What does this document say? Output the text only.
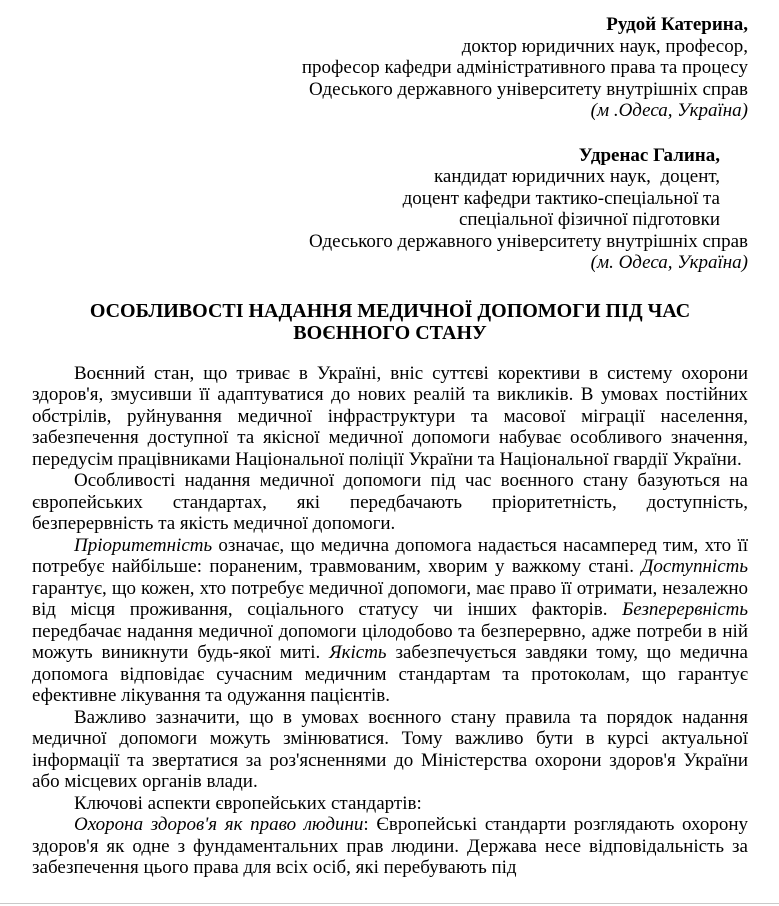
Рудой Катерина,
доктор юридичних наук, професор,
професор кафедри адміністративного права та процесу
Одеського державного університету внутрішніх справ
(м .Одеса, Україна)
Удренас Галина,
кандидат юридичних наук,  доцент,
доцент кафедри тактико-спеціальної та
спеціальної фізичної підготовки
Одеського державного університету внутрішніх справ
(м. Одеса, Україна)
ОСОБЛИВОСТІ НАДАННЯ МЕДИЧНОЇ ДОПОМОГИ ПІД ЧАС
ВОЄННОГО СТАНУ

Воєнний стан, що триває в Україні, вніс суттєві корективи в систему охорони здоров'я, змусивши її адаптуватися до нових реалій та викликів. В умовах постійних обстрілів, руйнування медичної інфраструктури та масової міграції населення, забезпечення доступної та якісної медичної допомоги набуває особливого значення, передусім працівниками Національної поліції України та Національної гвардії України.

Особливості надання медичної допомоги під час воєнного стану базуються на європейських стандартах, які передбачають пріоритетність, доступність, безперервність та якість медичної допомоги.

Пріоритетність означає, що медична допомога надається насамперед тим, хто її потребує найбільше: пораненим, травмованим, хворим у важкому стані. Доступність гарантує, що кожен, хто потребує медичної допомоги, має право її отримати, незалежно від місця проживання, соціального статусу чи інших факторів. Безперервність передбачає надання медичної допомоги цілодобово та безперервно, адже потреби в ній можуть виникнути будь-якої миті. Якість забезпечується завдяки тому, що медична допомога відповідає сучасним медичним стандартам та протоколам, що гарантує ефективне лікування та одужання пацієнтів.

Важливо зазначити, що в умовах воєнного стану правила та порядок надання медичної допомоги можуть змінюватися. Тому важливо бути в курсі актуальної інформації та звертатися за роз'ясненнями до Міністерства охорони здоров'я України або місцевих органів влади.

Ключові аспекти європейських стандартів:

Охорона здоров'я як право людини: Європейські стандарти розглядають охорону здоров'я як одне з фундаментальних прав людини. Держава несе відповідальність за забезпечення цього права для всіх осіб, які перебувають під
